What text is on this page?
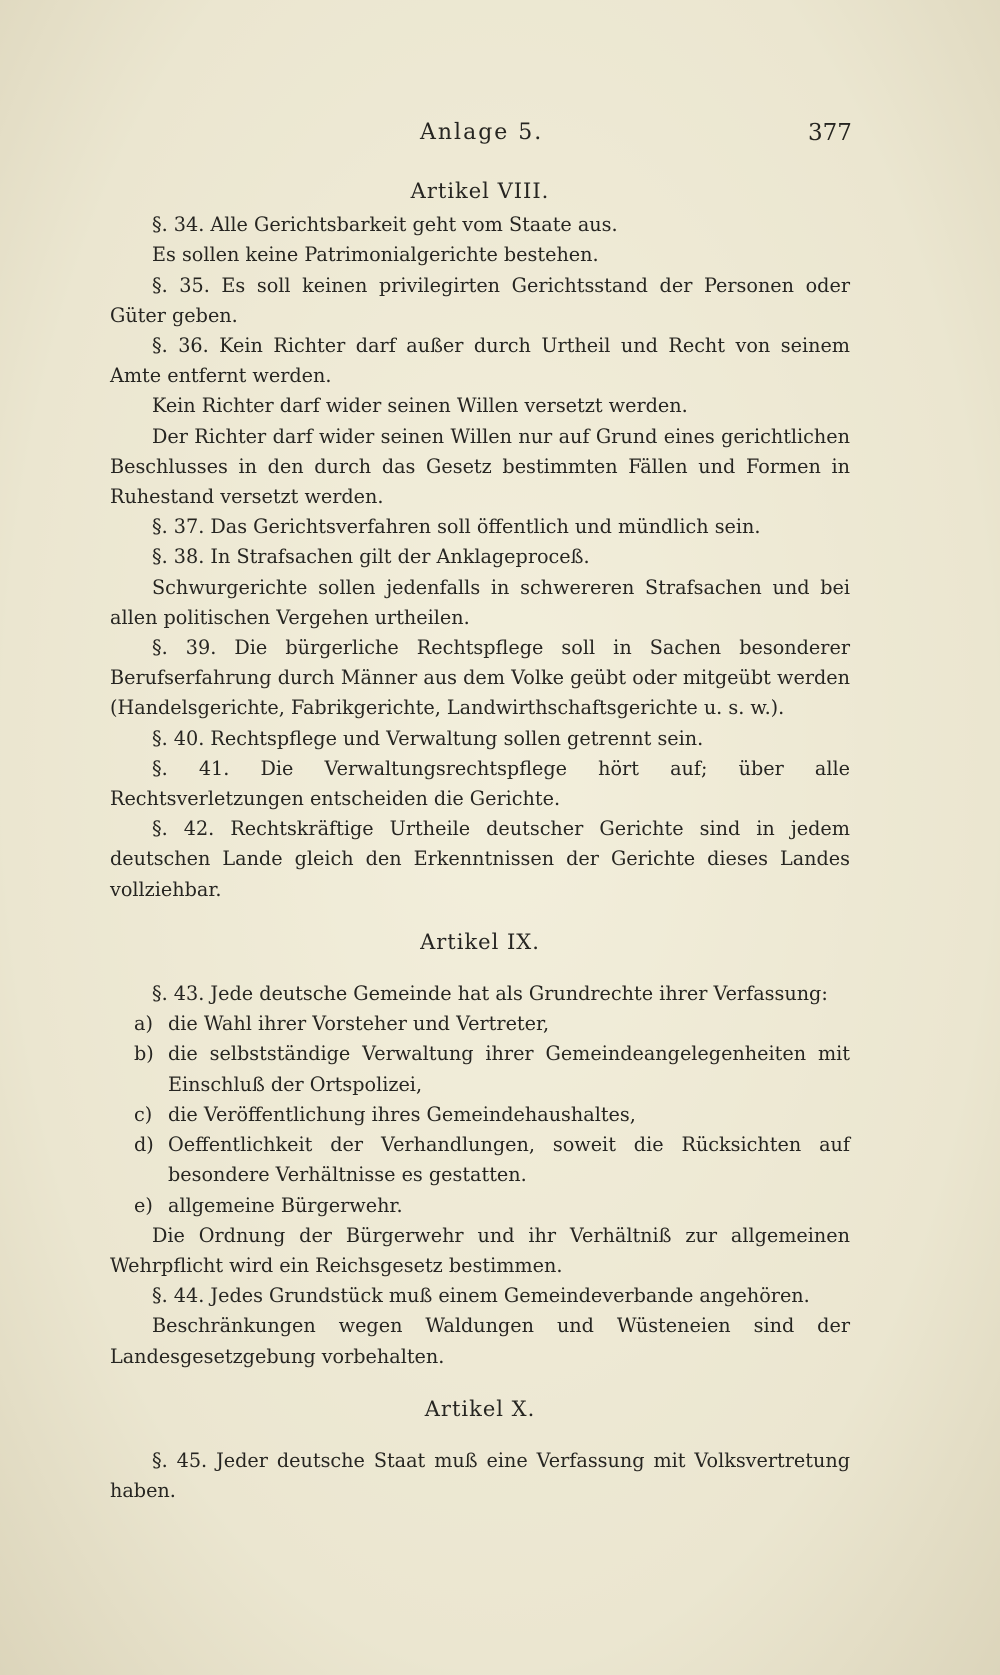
Anlage 5.	377
Artikel VIII.

§. 34. Alle Gerichtsbarkeit geht vom Staate aus.

Es sollen keine Patrimonialgerichte bestehen.

§. 35. Es soll keinen privilegirten Gerichtsstand der Personen oder Güter geben.

§. 36. Kein Richter darf außer durch Urtheil und Recht von seinem Amte entfernt werden.

Kein Richter darf wider seinen Willen versetzt werden.

Der Richter darf wider seinen Willen nur auf Grund eines gerichtlichen Beschlusses in den durch das Gesetz bestimmten Fällen und Formen in Ruhestand versetzt werden.

§. 37. Das Gerichtsverfahren soll öffentlich und mündlich sein.

§. 38. In Strafsachen gilt der Anklageproceß.

Schwurgerichte sollen jedenfalls in schwereren Strafsachen und bei allen politischen Vergehen urtheilen.

§. 39. Die bürgerliche Rechtspflege soll in Sachen besonderer Berufserfahrung durch Männer aus dem Volke geübt oder mitgeübt werden (Handelsgerichte, Fabrikgerichte, Landwirthschaftsgerichte u. s. w.).

§. 40. Rechtspflege und Verwaltung sollen getrennt sein.

§. 41. Die Verwaltungsrechtspflege hört auf; über alle Rechtsverletzungen entscheiden die Gerichte.

§. 42. Rechtskräftige Urtheile deutscher Gerichte sind in jedem deutschen Lande gleich den Erkenntnissen der Gerichte dieses Landes vollziehbar.

Artikel IX.

§. 43. Jede deutsche Gemeinde hat als Grundrechte ihrer Verfassung:

a) die Wahl ihrer Vorsteher und Vertreter,
b) die selbstständige Verwaltung ihrer Gemeindeangelegenheiten mit Einschluß der Ortspolizei,
c) die Veröffentlichung ihres Gemeindehaushaltes,
d) Oeffentlichkeit der Verhandlungen, soweit die Rücksichten auf besondere Verhältnisse es gestatten.
e) allgemeine Bürgerwehr.

Die Ordnung der Bürgerwehr und ihr Verhältniß zur allgemeinen Wehrpflicht wird ein Reichsgesetz bestimmen.

§. 44. Jedes Grundstück muß einem Gemeindeverbande angehören.

Beschränkungen wegen Waldungen und Wüsteneien sind der Landesgesetzgebung vorbehalten.

Artikel X.

§. 45. Jeder deutsche Staat muß eine Verfassung mit Volksvertretung haben.
